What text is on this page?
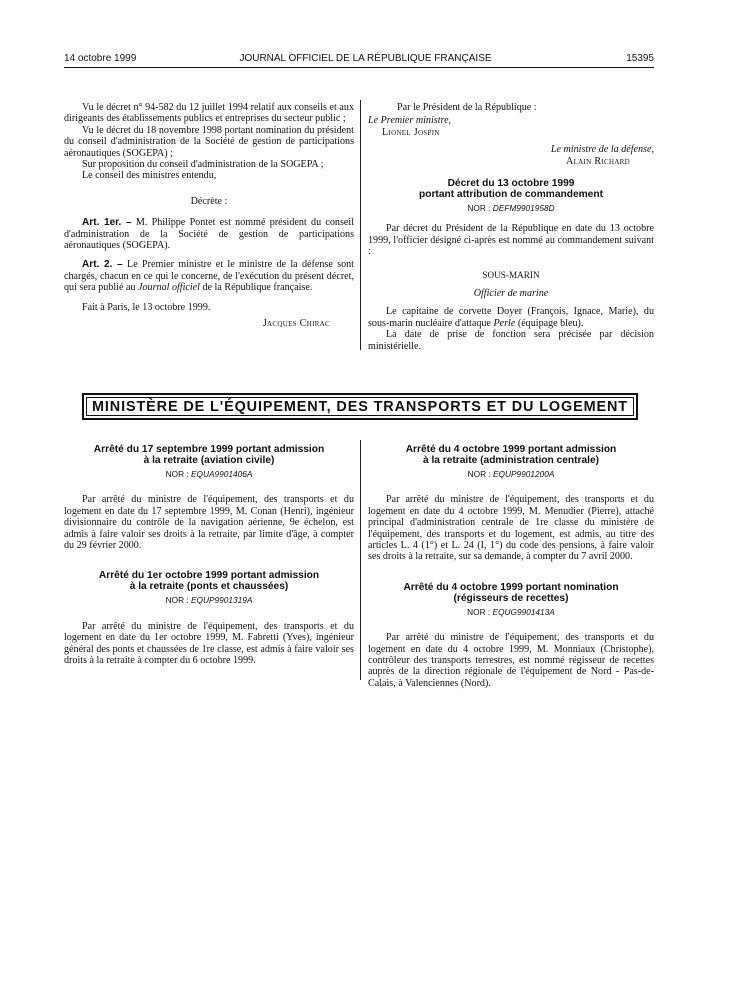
14 octobre 1999	JOURNAL OFFICIEL DE LA RÉPUBLIQUE FRANÇAISE	15395

Vu le décret n° 94-582 du 12 juillet 1994 relatif aux conseils et aux dirigeants des établissements publics et entreprises du secteur public ;

Vu le décret du 18 novembre 1998 portant nomination du président du conseil d'administration de la Société de gestion de participations aéronautiques (SOGEPA) ;

Sur proposition du conseil d'administration de la SOGEPA ;

Le conseil des ministres entendu,

Décrète :

Art. 1er. – M. Philippe Pontet est nommé président du conseil d'administration de la Société de gestion de participations aéronautiques (SOGEPA).

Art. 2. – Le Premier ministre et le ministre de la défense sont chargés, chacun en ce qui le concerne, de l'exécution du présent décret, qui sera publié au Journal officiel de la République française.

Fait à Paris, le 13 octobre 1999.

Jacques Chirac

Par le Président de la République :

Le Premier ministre,

Lionel Jospin

Le ministre de la défense,

Alain Richard

Décret du 13 octobre 1999

portant attribution de commandement

NOR : DEFM9901958D

Par décret du Président de la République en date du 13 octobre 1999, l'officier désigné ci-après est nommé au commandement suivant :

SOUS-MARIN

Officier de marine

Le capitaine de corvette Doyer (François, Ignace, Marie), du sous-marin nucléaire d'attaque Perle (équipage bleu).

La date de prise de fonction sera précisée par décision ministérielle.

MINISTÈRE DE L'ÉQUIPEMENT, DES TRANSPORTS ET DU LOGEMENT

Arrêté du 17 septembre 1999 portant admission

à la retraite (aviation civile)

NOR : EQUA9901406A

Par arrêté du ministre de l'équipement, des transports et du logement en date du 17 septembre 1999, M. Conan (Henri), ingénieur divisionnaire du contrôle de la navigation aérienne, 9e échelon, est admis à faire valoir ses droits à la retraite, par limite d'âge, à compter du 29 février 2000.

Arrêté du 1er octobre 1999 portant admission

à la retraite (ponts et chaussées)

NOR : EQUP9901319A

Par arrêté du ministre de l'équipement, des transports et du logement en date du 1er octobre 1999, M. Fabretti (Yves), ingénieur général des ponts et chaussées de 1re classe, est admis à faire valoir ses droits à la retraite à compter du 6 octobre 1999.

Arrêté du 4 octobre 1999 portant admission

à la retraite (administration centrale)

NOR : EQUP9901200A

Par arrêté du ministre de l'équipement, des transports et du logement en date du 4 octobre 1999, M. Menudier (Pierre), attaché principal d'administration centrale de 1re classe du ministère de l'équipement, des transports et du logement, est admis, au titre des articles L. 4 (1°) et L. 24 (I, 1°) du code des pensions, à faire valoir ses droits à la retraite, sur sa demande, à compter du 7 avril 2000.

Arrêté du 4 octobre 1999 portant nomination

(régisseurs de recettes)

NOR : EQUG9901413A

Par arrêté du ministre de l'équipement, des transports et du logement en date du 4 octobre 1999, M. Monniaux (Christophe), contrôleur des transports terrestres, est nommé régisseur de recettes auprès de la direction régionale de l'équipement de Nord - Pas-de-Calais, à Valenciennes (Nord).
